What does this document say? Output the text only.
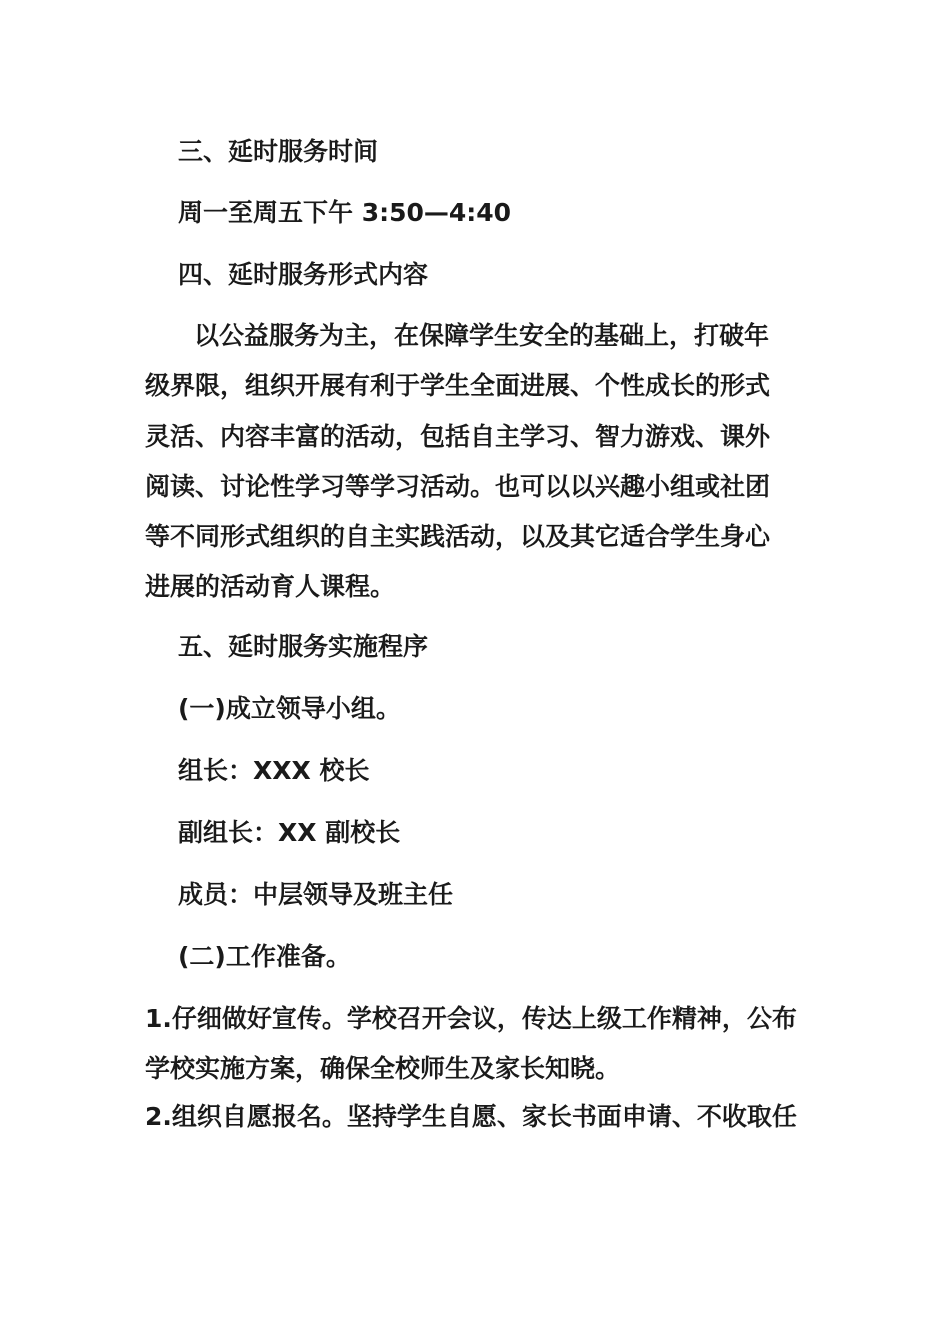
三、延时服务时间

周一至周五下午 3:50—4:40

四、延时服务形式内容

以公益服务为主，在保障学生安全的基础上，打破年

级界限，组织开展有利于学生全面进展、个性成长的形式

灵活、内容丰富的活动，包括自主学习、智力游戏、课外

阅读、讨论性学习等学习活动。也可以以兴趣小组或社团

等不同形式组织的自主实践活动，以及其它适合学生身心

进展的活动育人课程。

五、延时服务实施程序

(一)成立领导小组。

组长：XXX 校长

副组长：XX 副校长

成员：中层领导及班主任

(二)工作准备。

1.仔细做好宣传。学校召开会议，传达上级工作精神，公布

学校实施方案，确保全校师生及家长知晓。

2.组织自愿报名。坚持学生自愿、家长书面申请、不收取任
